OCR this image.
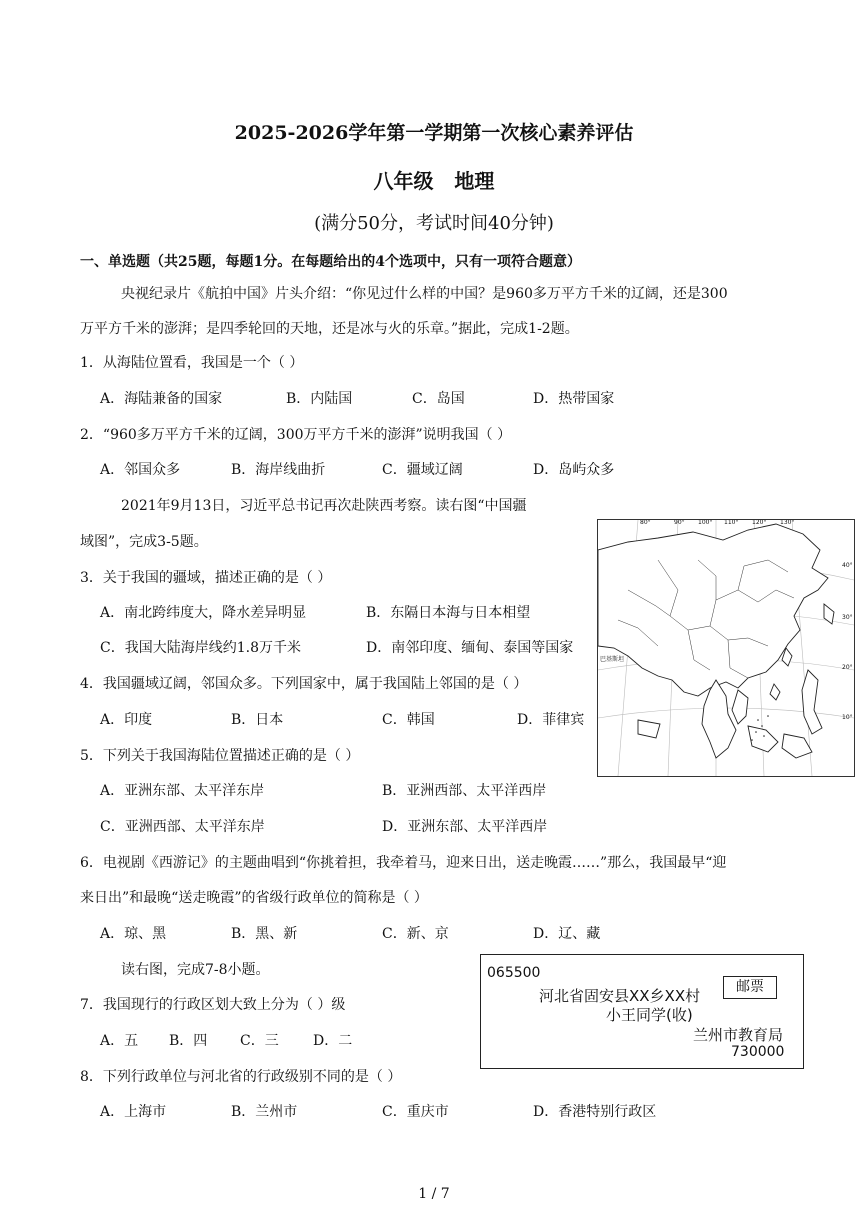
2025-2026学年第一学期第一次核心素养评估
八年级   地理
(满分50分，考试时间40分钟)
一、单选题（共25题，每题1分。在每题给出的4个选项中，只有一项符合题意）
央视纪录片《航拍中国》片头介绍：“你见过什么样的中国？是960多万平方千米的辽阔，还是300
万平方千米的澎湃；是四季轮回的天地，还是冰与火的乐章。”据此，完成1-2题。
1．从海陆位置看，我国是一个（ ）
A．海陆兼备的国家	B．内陆国	C．岛国	D．热带国家
2．“960多万平方千米的辽阔，300万平方千米的澎湃”说明我国（ ）
A．邻国众多	B．海岸线曲折	C．疆域辽阔	D．岛屿众多
2021年9月13日，习近平总书记再次赴陕西考察。读右图“中国疆
域图”，完成3-5题。
3．关于我国的疆域，描述正确的是（ ）
A．南北跨纬度大，降水差异明显	B．东隔日本海与日本相望
C．我国大陆海岸线约1.8万千米	D．南邻印度、缅甸、泰国等国家
4．我国疆域辽阔，邻国众多。下列国家中，属于我国陆上邻国的是（ ）
A．印度	B．日本	C．韩国	D．菲律宾
5．下列关于我国海陆位置描述正确的是（ ）
A．亚洲东部、太平洋东岸	B．亚洲西部、太平洋西岸
C．亚洲西部、太平洋东岸	D．亚洲东部、太平洋西岸
6．电视剧《西游记》的主题曲唱到“你挑着担，我牵着马，迎来日出，送走晚霞……”那么，我国最早“迎
来日出”和最晚“送走晚霞”的省级行政单位的简称是（ ）
A．琼、黑	B．黑、新	C．新、京	D．辽、藏
读右图，完成7-8小题。
7．我国现行的行政区划大致上分为（ ）级
A．五 B．四 C．三 D．二
8．下列行政单位与河北省的行政级别不同的是（ ）
A．上海市	B．兰州市	C．重庆市	D．香港特别行政区
80°	90° 100° 110° 120° 130°
40°
30°
20°
10°
巴基斯坦
065500
邮票
河北省固安县XX乡XX村
小王同学(收)
兰州市教育局
730000
1 / 7
